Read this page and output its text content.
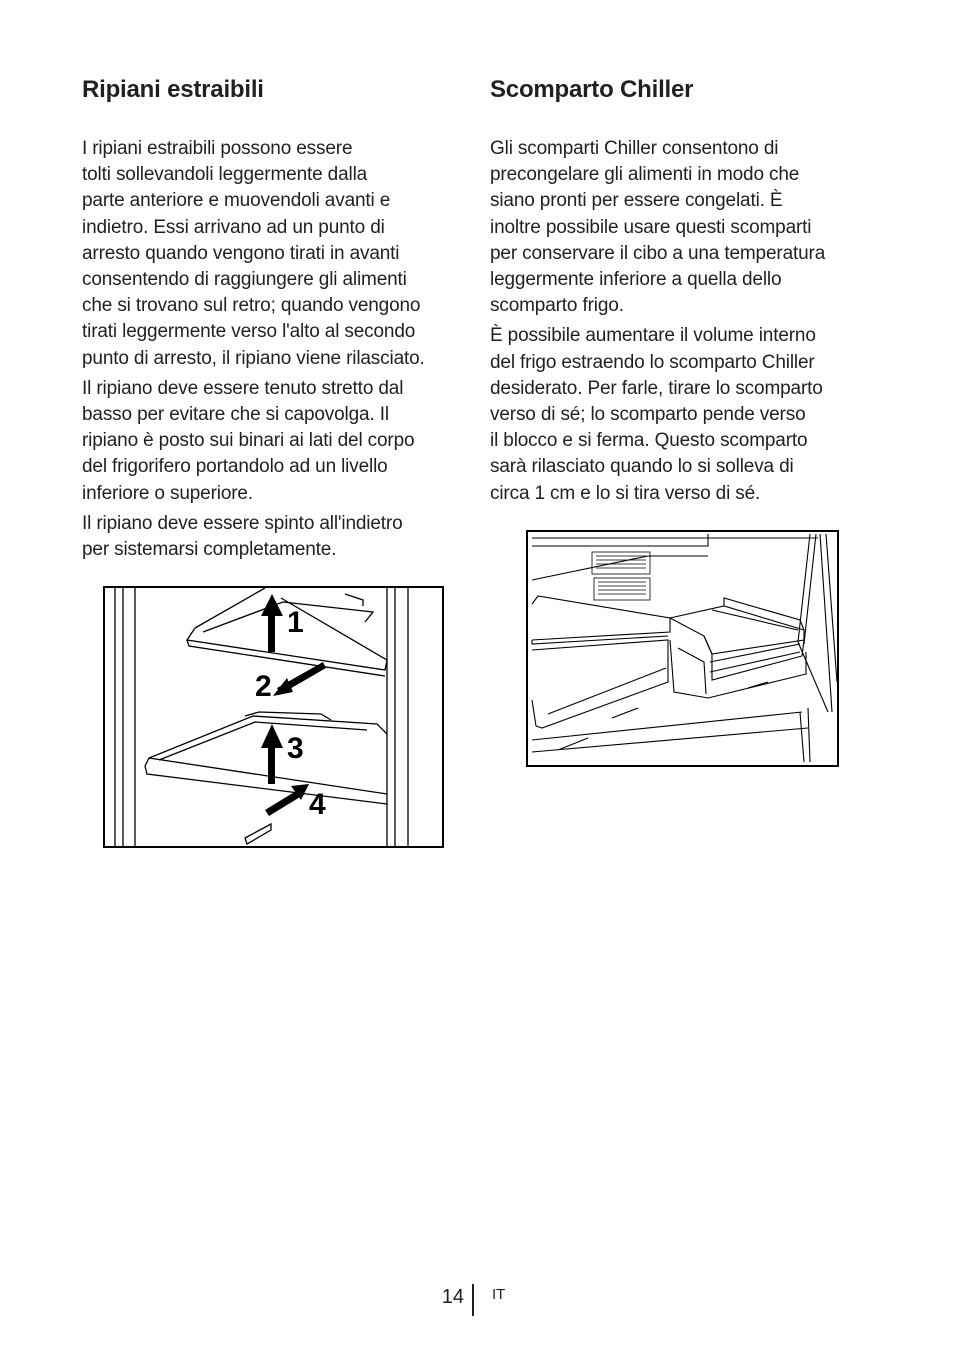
Ripiani estraibili

I ripiani estraibili possono essere
tolti sollevandoli leggermente dalla
parte anteriore e muovendoli avanti e
indietro. Essi arrivano ad un punto di
arresto quando vengono tirati in avanti
consentendo di raggiungere gli alimenti
che si trovano sul retro; quando vengono
tirati leggermente verso l'alto al secondo
punto di arresto, il ripiano viene rilasciato.

Il ripiano deve essere tenuto stretto dal
basso per evitare che si capovolga. Il
ripiano è posto sui binari ai lati del corpo
del frigorifero portandolo ad un livello
inferiore o superiore.

Il ripiano deve essere spinto all'indietro
per sistemarsi completamente.

1
2
3
4
Scomparto Chiller

Gli scomparti Chiller consentono di
precongelare gli alimenti in modo che
siano pronti per essere congelati. È
inoltre possibile usare questi scomparti
per conservare il cibo a una temperatura
leggermente inferiore a quella dello
scomparto frigo.

È possibile aumentare il volume interno
del frigo estraendo lo scomparto Chiller
desiderato. Per farle, tirare lo scomparto
verso di sé; lo scomparto pende verso
il blocco e si ferma. Questo scomparto
sarà rilasciato quando lo si solleva di
circa 1 cm e lo si tira verso di sé.

14 IT
